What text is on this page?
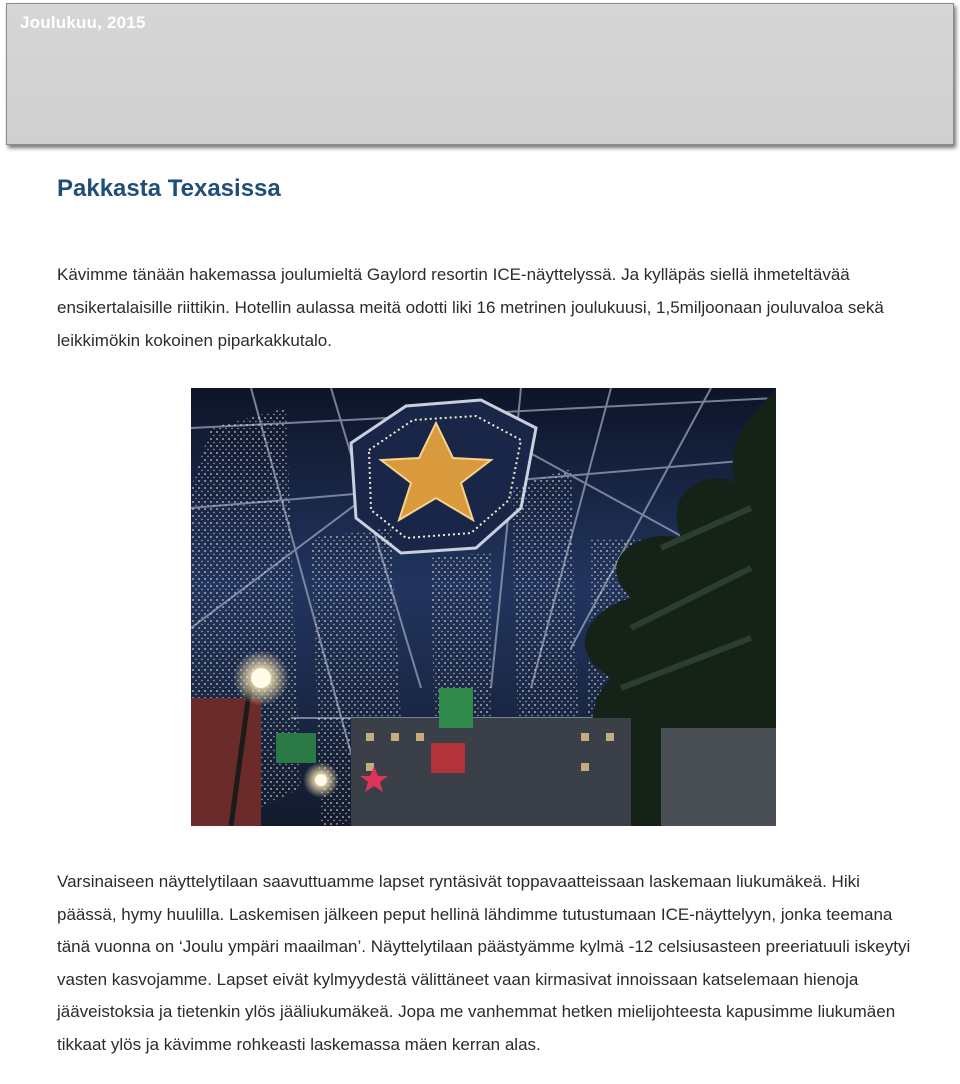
Joulukuu, 2015
Pakkasta Texasissa

Kävimme tänään hakemassa joulumieltä Gaylord resortin ICE-näyttelyssä. Ja kylläpäs siellä ihmeteltävää ensikertalaisille riittikin. Hotellin aulassa meitä odotti liki 16 metrinen joulukuusi, 1,5miljoonaan jouluvaloa sekä leikkimökin kokoinen piparkakkutalo.

Varsinaiseen näyttelytilaan saavuttuamme lapset ryntäsivät toppavaatteissaan laskemaan liukumäkeä. Hiki päässä, hymy huulilla. Laskemisen jälkeen peput hellinä lähdimme tutustumaan ICE-näyttelyyn, jonka teemana tänä vuonna on ‘Joulu ympäri maailman’. Näyttelytilaan päästyämme kylmä -12 celsiusasteen preeriatuuli iskeytyi vasten kasvojamme. Lapset eivät kylmyydestä välittäneet vaan kirmasivat innoissaan katselemaan hienoja jääveistoksia ja tietenkin ylös jääliukumäkeä. Jopa me vanhemmat hetken mielijohteesta kapusimme liukumäen tikkaat ylös ja kävimme rohkeasti laskemassa mäen kerran alas.
